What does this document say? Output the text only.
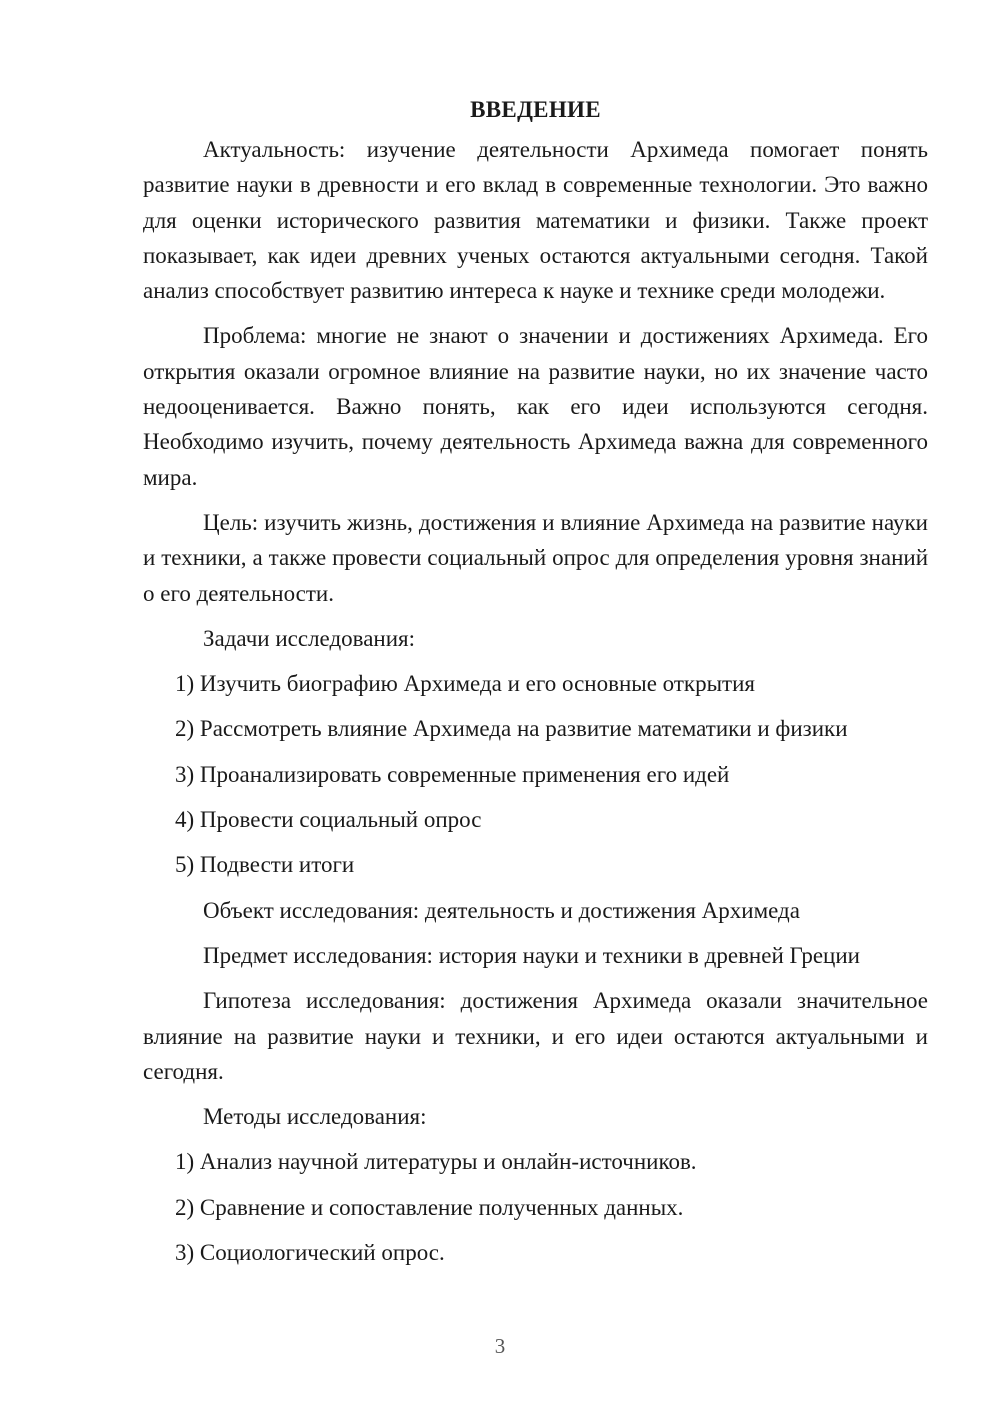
ВВЕДЕНИЕ

Актуальность: изучение деятельности Архимеда помогает понять развитие науки в древности и его вклад в современные технологии. Это важно для оценки исторического развития математики и физики. Также проект показывает, как идеи древних ученых остаются актуальными сегодня. Такой анализ способствует развитию интереса к науке и технике среди молодежи.

Проблема: многие не знают о значении и достижениях Архимеда. Его открытия оказали огромное влияние на развитие науки, но их значение часто недооценивается. Важно понять, как его идеи используются сегодня. Необходимо изучить, почему деятельность Архимеда важна для современного мира.

Цель: изучить жизнь, достижения и влияние Архимеда на развитие науки и техники, а также провести социальный опрос для определения уровня знаний о его деятельности.

Задачи исследования:
1) Изучить биографию Архимеда и его основные открытия
2) Рассмотреть влияние Архимеда на развитие математики и физики
3) Проанализировать современные применения его идей
4) Провести социальный опрос
5) Подвести итоги
Объект исследования: деятельность и достижения Архимеда
Предмет исследования: история науки и техники в древней Греции

Гипотеза исследования: достижения Архимеда оказали значительное влияние на развитие науки и техники, и его идеи остаются актуальными и сегодня.

Методы исследования:
1) Анализ научной литературы и онлайн-источников.
2) Сравнение и сопоставление полученных данных.
3) Социологический опрос.
3
